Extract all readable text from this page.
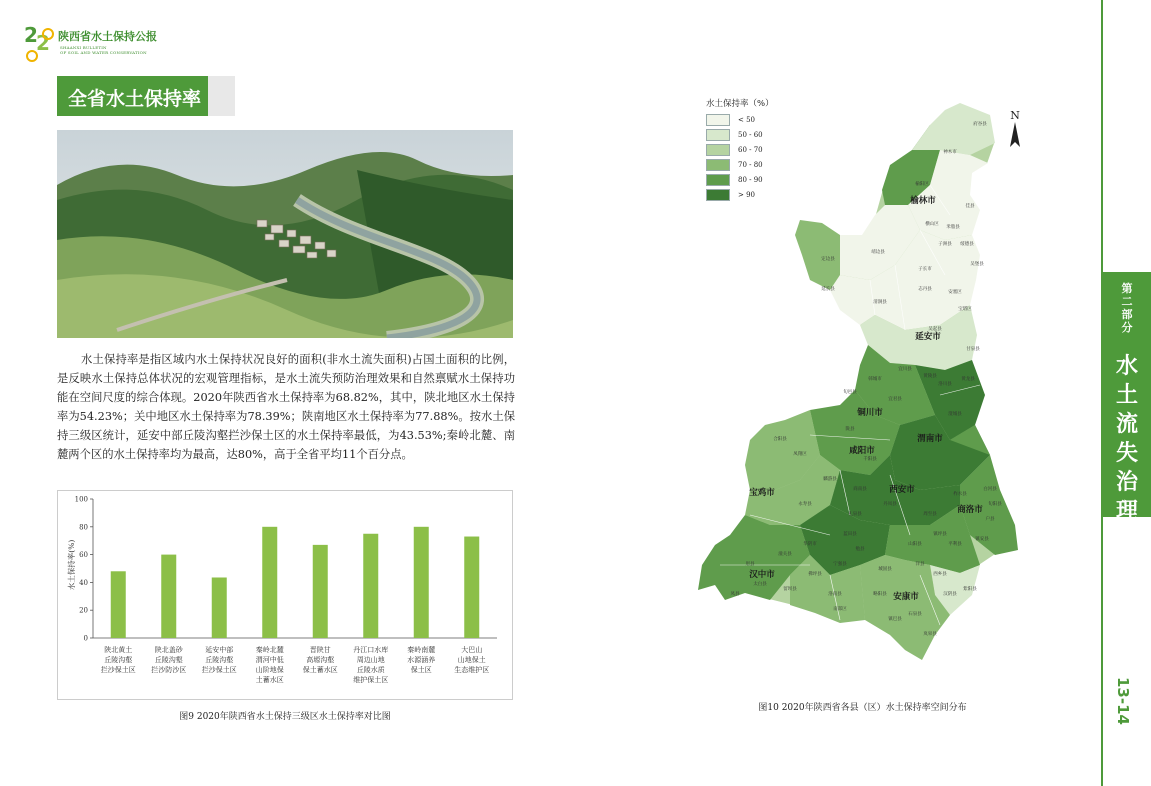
2
2 陕西省水土保持公报
SHAANXI BULLETIN
OF SOIL AND WATER CONSERVATION
全省水土保持率

水土保持率是指区域内水土保持状况良好的面积(非水土流失面积)占国土面积的比例，是反映水土保持总体状况的宏观管理指标，是水土流失预防治理效果和自然禀赋水土保持功能在空间尺度的综合体现。2020年陕西省水土保持率为68.82%，其中，陕北地区水土保持率为54.23%；关中地区水土保持率为78.39%；陕南地区水土保持率为77.88%。按水土保持三级区统计，延安中部丘陵沟壑拦沙保土区的水土保持率最低，为43.53%;秦岭北麓、南麓两个区的水土保持率均为最高，达80%，高于全省平均11个百分点。

0
20
40
60
80
100
陕北黄土丘陵沟壑拦沙保土区
陕北盖砂丘陵沟壑拦沙防沙区
延安中部丘陵沟壑拦沙保土区
秦岭北麓渭河中低山阶地保土蓄水区
晋陕甘高塬沟壑保土蓄水区
丹江口水库周边山地丘陵水质维护保土区
秦岭南麓水源涵养保土区
大巴山山地保土生态维护区
水土保持率(%)
图9 2020年陕西省水土保持三级区水土保持率对比图
N
榆林市
延安市
铜川市
渭南市
咸阳市
西安市
宝鸡市
商洛市
汉中市
安康市
府谷县
神木市
榆阳区
横山区
佳县
米脂县
定边县
靖边县
子洲县 绥德县
吴堡县
子长市
清涧县
志丹县
安塞区
宝塔区
延长县
吴起县
甘泉县
宜川县
黄陵县
洛川县
黄龙县
韩城市
旬邑县
宜君县
澄城县
合阳县
凤翔区
陇县
千阳县
麟游县
永寿县
礼泉县	周至县
户县
蓝田县
华阴市
潼关县
眉县
太白县
凤县
留坝县
佛坪县
宁强县
勉县
城固县
洋县
西乡县
石泉县
汉阴县
紫阳县
岚皋县
平利县
镇坪县
白河县
旬阳县
镇安县
柞水县
山阳县
丹凤县
商南县
洛南县	略阳县
南郑区
镇巴县
水土保持率（%）
< 50
50 - 60
60 - 70
70 - 80
80 - 90
> 90
图10 2020年陕西省各县（区）水土保持率空间分布
第
二
部
分
水
土
流
失
治
理
13-14
